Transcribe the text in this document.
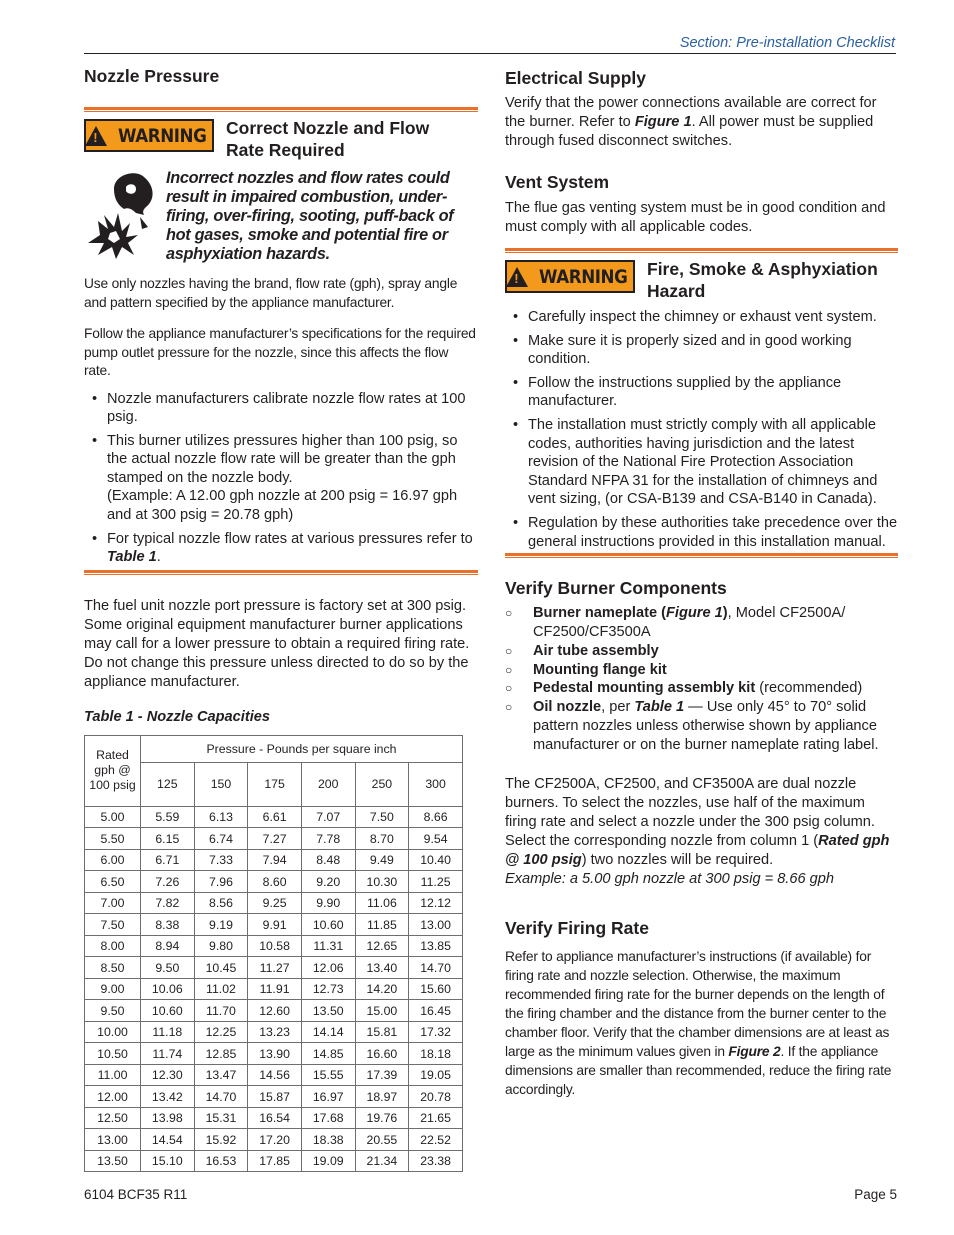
Section: Pre-installation Checklist
Nozzle Pressure
! WARNING Correct Nozzle and Flow
Rate Required
Incorrect nozzles and flow rates could result in impaired combustion, under-firing, over-firing, sooting, puff-back of hot gases, smoke and potential fire or asphyxiation hazards.

Use only nozzles having the brand, flow rate (gph), spray angle and pattern specified by the appliance manufacturer.

Follow the appliance manufacturer’s specifications for the required pump outlet pressure for the nozzle, since this affects the flow rate.

• Nozzle manufacturers calibrate nozzle flow rates at 100 psig.
• This burner utilizes pressures higher than 100 psig, so the actual nozzle flow rate will be greater than the gph stamped on the nozzle body.
(Example: A 12.00 gph nozzle at 200 psig = 16.97 gph and at 300 psig = 20.78 gph)
• For typical nozzle flow rates at various pressures refer to Table 1.

The fuel unit nozzle port pressure is factory set at 300 psig. Some original equipment manufacturer burner applications may call for a lower pressure to obtain a required firing rate. Do not change this pressure unless directed to do so by the appliance manufacturer.

Table 1 - Nozzle Capacities
Rated gph @ 100 psig	Pressure - Pounds per square inch					
	125	150	175	200	250	300
5.00	5.59	6.13	6.61	7.07	7.50	8.66
5.50	6.15	6.74	7.27	7.78	8.70	9.54
6.00	6.71	7.33	7.94	8.48	9.49	10.40
6.50	7.26	7.96	8.60	9.20	10.30	11.25
7.00	7.82	8.56	9.25	9.90	11.06	12.12
7.50	8.38	9.19	9.91	10.60	11.85	13.00
8.00	8.94	9.80	10.58	11.31	12.65	13.85
8.50	9.50	10.45	11.27	12.06	13.40	14.70
9.00	10.06	11.02	11.91	12.73	14.20	15.60
9.50	10.60	11.70	12.60	13.50	15.00	16.45
10.00	11.18	12.25	13.23	14.14	15.81	17.32
10.50	11.74	12.85	13.90	14.85	16.60	18.18
11.00	12.30	13.47	14.56	15.55	17.39	19.05
12.00	13.42	14.70	15.87	16.97	18.97	20.78
12.50	13.98	15.31	16.54	17.68	19.76	21.65
13.00	14.54	15.92	17.20	18.38	20.55	22.52
13.50	15.10	16.53	17.85	19.09	21.34	23.38
Electrical Supply

Verify that the power connections available are correct for the burner. Refer to Figure 1. All power must be supplied through fused disconnect switches.

Vent System

The flue gas venting system must be in good condition and must comply with all applicable codes.

! WARNING Fire, Smoke & Asphyxiation
Hazard
• Carefully inspect the chimney or exhaust vent system.
• Make sure it is properly sized and in good working condition.
• Follow the instructions supplied by the appliance manufacturer.
• The installation must strictly comply with all applicable codes, authorities having jurisdiction and the latest revision of the National Fire Protection Association Standard NFPA 31 for the installation of chimneys and vent sizing, (or CSA-B139 and CSA-B140 in Canada).
• Regulation by these authorities take precedence over the general instructions provided in this installation manual.
Verify Burner Components
○ Burner nameplate (Figure 1), Model CF2500A/ CF2500/CF3500A
○ Air tube assembly
○ Mounting flange kit
○ Pedestal mounting assembly kit (recommended)
○ Oil nozzle, per Table 1 — Use only 45° to 70° solid pattern nozzles unless otherwise shown by appliance manufacturer or on the burner nameplate rating label.

The CF2500A, CF2500, and CF3500A are dual nozzle burners. To select the nozzles, use half of the maximum firing rate and select a nozzle under the 300 psig column. Select the corresponding nozzle from column 1 (Rated gph @ 100 psig) two nozzles will be required.
Example: a 5.00 gph nozzle at 300 psig = 8.66 gph

Verify Firing Rate

Refer to appliance manufacturer’s instructions (if available) for firing rate and nozzle selection. Otherwise, the maximum recommended firing rate for the burner depends on the length of the firing chamber and the distance from the burner center to the chamber floor. Verify that the chamber dimensions are at least as large as the minimum values given in Figure 2. If the appliance dimensions are smaller than recommended, reduce the firing rate accordingly.

6104 BCF35 R11	Page 5
